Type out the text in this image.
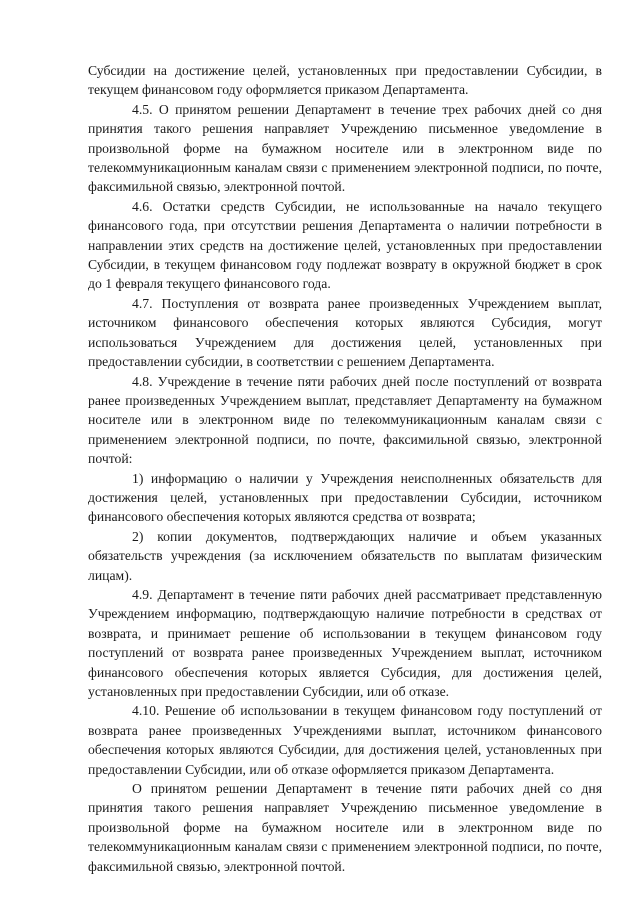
Субсидии на достижение целей, установленных при предоставлении Субсидии, в текущем финансовом году оформляется приказом Департамента.

4.5. О принятом решении Департамент в течение трех рабочих дней со дня принятия такого решения направляет Учреждению письменное уведомление в произвольной форме на бумажном носителе или в электронном виде по телекоммуникационным каналам связи с применением электронной подписи, по почте, факсимильной связью, электронной почтой.

4.6. Остатки средств Субсидии, не использованные на начало текущего финансового года, при отсутствии решения Департамента о наличии потребности в направлении этих средств на достижение целей, установленных при предоставлении Субсидии, в текущем финансовом году подлежат возврату в окружной бюджет в срок до 1 февраля текущего финансового года.

4.7. Поступления от возврата ранее произведенных Учреждением выплат, источником финансового обеспечения которых являются Субсидия, могут использоваться Учреждением для достижения целей, установленных при предоставлении субсидии, в соответствии с решением Департамента.

4.8. Учреждение в течение пяти рабочих дней после поступлений от возврата ранее произведенных Учреждением выплат, представляет Департаменту на бумажном носителе или в электронном виде по телекоммуникационным каналам связи с применением электронной подписи, по почте, факсимильной связью, электронной почтой:

1) информацию о наличии у Учреждения неисполненных обязательств для достижения целей, установленных при предоставлении Субсидии, источником финансового обеспечения которых являются средства от возврата;

2) копии документов, подтверждающих наличие и объем указанных обязательств учреждения (за исключением обязательств по выплатам физическим лицам).

4.9. Департамент в течение пяти рабочих дней рассматривает представленную Учреждением информацию, подтверждающую наличие потребности в средствах от возврата, и принимает решение об использовании в текущем финансовом году поступлений от возврата ранее произведенных Учреждением выплат, источником финансового обеспечения которых является Субсидия, для достижения целей, установленных при предоставлении Субсидии, или об отказе.

4.10. Решение об использовании в текущем финансовом году поступлений от возврата ранее произведенных Учреждениями выплат, источником финансового обеспечения которых являются Субсидии, для достижения целей, установленных при предоставлении Субсидии, или об отказе оформляется приказом Департамента.

О принятом решении Департамент в течение пяти рабочих дней со дня принятия такого решения направляет Учреждению письменное уведомление в произвольной форме на бумажном носителе или в электронном виде по телекоммуникационным каналам связи с применением электронной подписи, по почте, факсимильной связью, электронной почтой.
